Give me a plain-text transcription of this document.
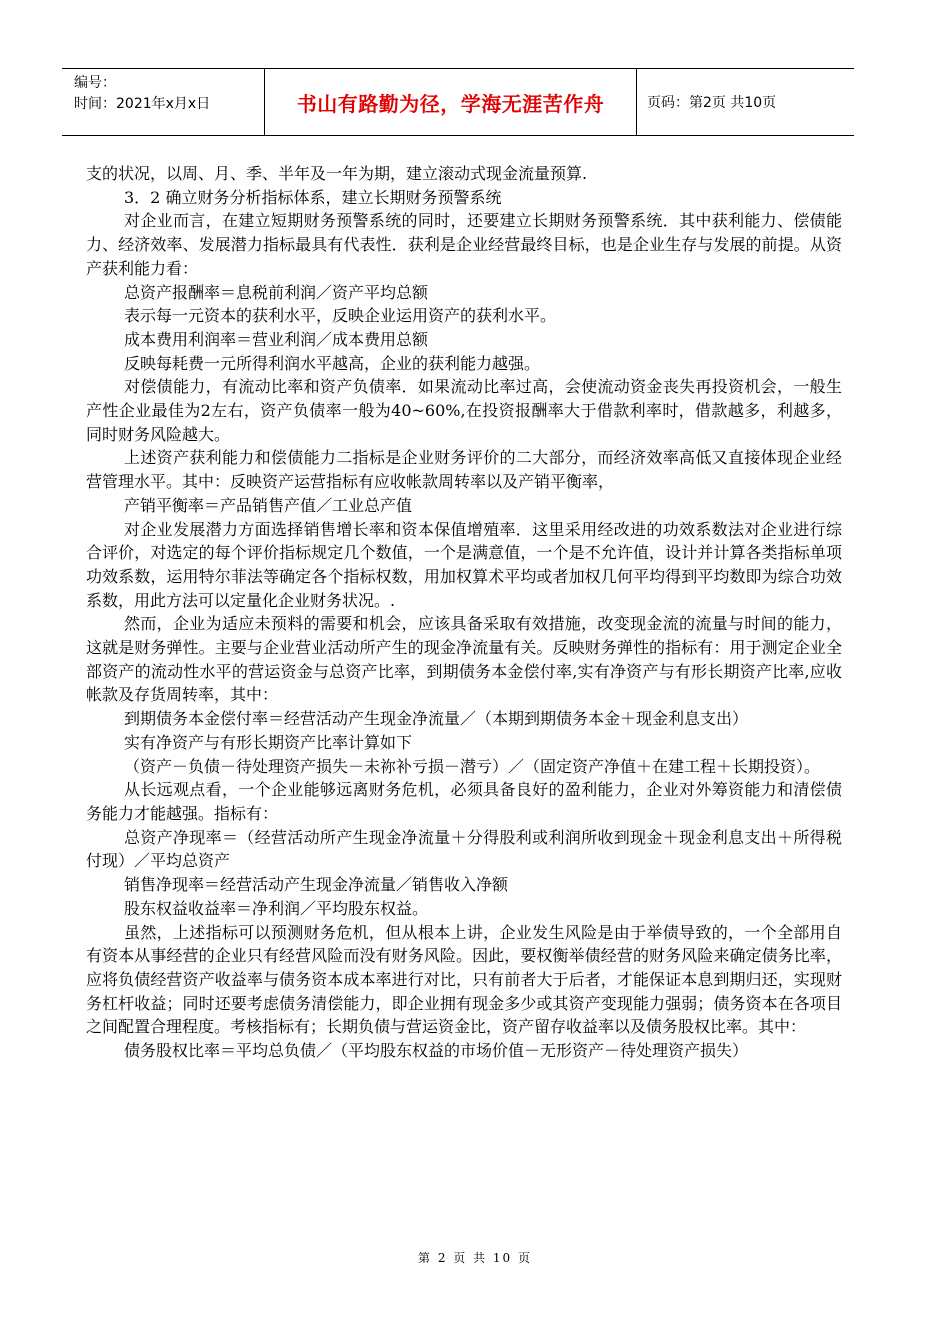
编号：
时间：2021年x月x日	书山有路勤为径，学海无涯苦作舟	页码：第2页 共10页

支的状况，以周、月、季、半年及一年为期，建立滚动式现金流量预算.

3．2 确立财务分析指标体系，建立长期财务预警系统

对企业而言，在建立短期财务预警系统的同时，还要建立长期财务预警系统．其中获利能力、偿债能力、经济效率、发展潜力指标最具有代表性．获利是企业经营最终目标，也是企业生存与发展的前提。从资产获利能力看：

总资产报酬率＝息税前利润／资产平均总额

表示每一元资本的获利水平，反映企业运用资产的获利水平。

成本费用利润率＝营业利润／成本费用总额

反映每耗费一元所得利润水平越高，企业的获利能力越强。

对偿债能力，有流动比率和资产负债率．如果流动比率过高，会使流动资金丧失再投资机会，一般生产性企业最佳为2左右，资产负债率一般为40~60%,在投资报酬率大于借款利率时，借款越多，利越多，同时财务风险越大。

上述资产获利能力和偿债能力二指标是企业财务评价的二大部分，而经济效率高低又直接体现企业经营管理水平。其中：反映资产运营指标有应收帐款周转率以及产销平衡率，

产销平衡率＝产品销售产值／工业总产值

对企业发展潜力方面选择销售增长率和资本保值增殖率．这里采用经改进的功效系数法对企业进行综合评价，对选定的每个评价指标规定几个数值，一个是满意值，一个是不允许值，设计并计算各类指标单项功效系数，运用特尔菲法等确定各个指标权数，用加权算术平均或者加权几何平均得到平均数即为综合功效系数，用此方法可以定量化企业财务状况。.

然而，企业为适应未预料的需要和机会，应该具备采取有效措施，改变现金流的流量与时间的能力，这就是财务弹性。主要与企业营业活动所产生的现金净流量有关。反映财务弹性的指标有：用于测定企业全部资产的流动性水平的营运资金与总资产比率，到期债务本金偿付率,实有净资产与有形长期资产比率,应收帐款及存货周转率，其中：

到期债务本金偿付率＝经营活动产生现金净流量／（本期到期债务本金＋现金利息支出）

实有净资产与有形长期资产比率计算如下

（资产－负债－待处理资产损失－未祢补亏损－潜亏）／（固定资产净值＋在建工程＋长期投资）。

从长远观点看，一个企业能够远离财务危机，必须具备良好的盈利能力，企业对外筹资能力和清偿债务能力才能越强。指标有：

总资产净现率＝（经营活动所产生现金净流量＋分得股利或利润所收到现金＋现金利息支出＋所得税付现）／平均总资产

销售净现率＝经营活动产生现金净流量／销售收入净额

股东权益收益率＝净利润／平均股东权益。

虽然，上述指标可以预测财务危机，但从根本上讲，企业发生风险是由于举债导致的，一个全部用自有资本从事经营的企业只有经营风险而没有财务风险。因此，要权衡举债经营的财务风险来确定债务比率，应将负债经营资产收益率与债务资本成本率进行对比，只有前者大于后者，才能保证本息到期归还，实现财务杠杆收益；同时还要考虑债务清偿能力，即企业拥有现金多少或其资产变现能力强弱；债务资本在各项目之间配置合理程度。考核指标有；长期负债与营运资金比，资产留存收益率以及债务股权比率。其中：

债务股权比率＝平均总负债／（平均股东权益的市场价值－无形资产－待处理资产损失）

第 2 页 共 10 页
